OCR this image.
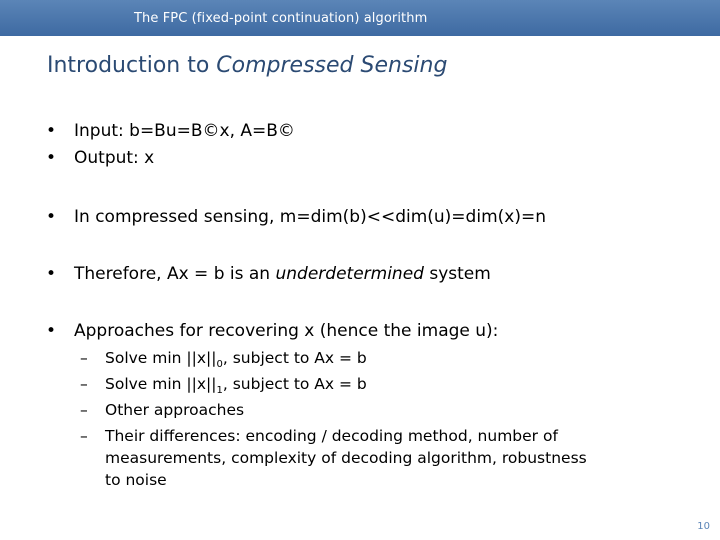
The FPC (fixed-point continuation) algorithm
Introduction to Compressed Sensing
• Input: b=Bu=B©x, A=B©
• Output: x
• In compressed sensing, m=dim(b)<<dim(u)=dim(x)=n
• Therefore, Ax = b is an underdetermined system
• Approaches for recovering x (hence the image u):
– Solve $\min ||x||_0$, subject to Ax = b
– Solve $\min ||x||_1$, subject to Ax = b
– Other approaches
– Their differences: encoding / decoding method, number of
measurements, complexity of decoding algorithm, robustness
to noise
10
